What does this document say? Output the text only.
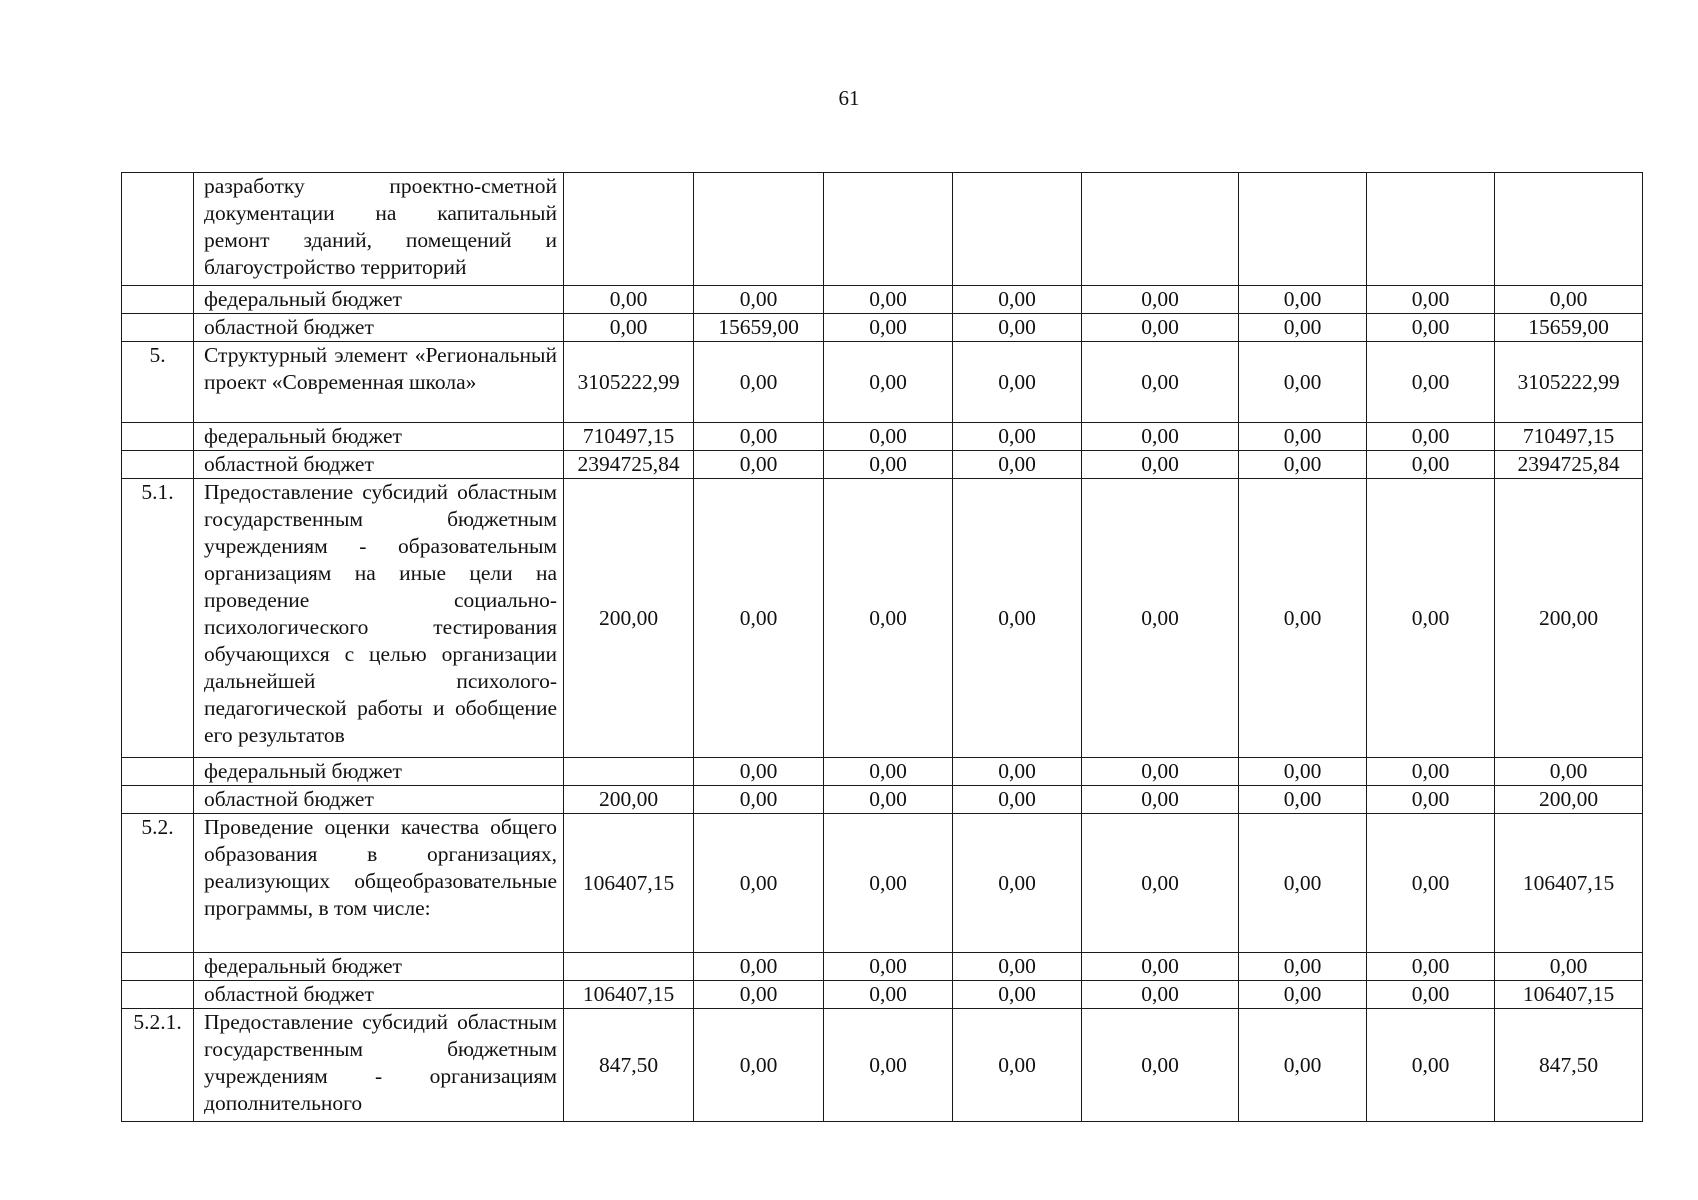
61
	разработку проектно-сметной документации на капитальный ремонт зданий, помещений и благоустройство территорий								
	федеральный бюджет	0,00	0,00	0,00	0,00	0,00	0,00	0,00	0,00
	областной бюджет	0,00	15659,00	0,00	0,00	0,00	0,00	0,00	15659,00
5.	Структурный элемент «Региональный проект «Современная школа»	3105222,99	0,00	0,00	0,00	0,00	0,00	0,00	3105222,99
	федеральный бюджет	710497,15	0,00	0,00	0,00	0,00	0,00	0,00	710497,15
	областной бюджет	2394725,84	0,00	0,00	0,00	0,00	0,00	0,00	2394725,84
5.1.	Предоставление субсидий областным государственным бюджетным учреждениям - образовательным организациям на иные цели на проведение социально-психологического тестирования обучающихся с целью организации дальнейшей психолого-педагогической работы и обобщение его результатов	200,00	0,00	0,00	0,00	0,00	0,00	0,00	200,00
	федеральный бюджет		0,00	0,00	0,00	0,00	0,00	0,00	0,00
	областной бюджет	200,00	0,00	0,00	0,00	0,00	0,00	0,00	200,00
5.2.	Проведение оценки качества общего образования в организациях, реализующих общеобразовательные программы, в том числе:	106407,15	0,00	0,00	0,00	0,00	0,00	0,00	106407,15
	федеральный бюджет		0,00	0,00	0,00	0,00	0,00	0,00	0,00
	областной бюджет	106407,15	0,00	0,00	0,00	0,00	0,00	0,00	106407,15
5.2.1.	Предоставление субсидий областным государственным бюджетным учреждениям - организациям дополнительного	847,50	0,00	0,00	0,00	0,00	0,00	0,00	847,50
